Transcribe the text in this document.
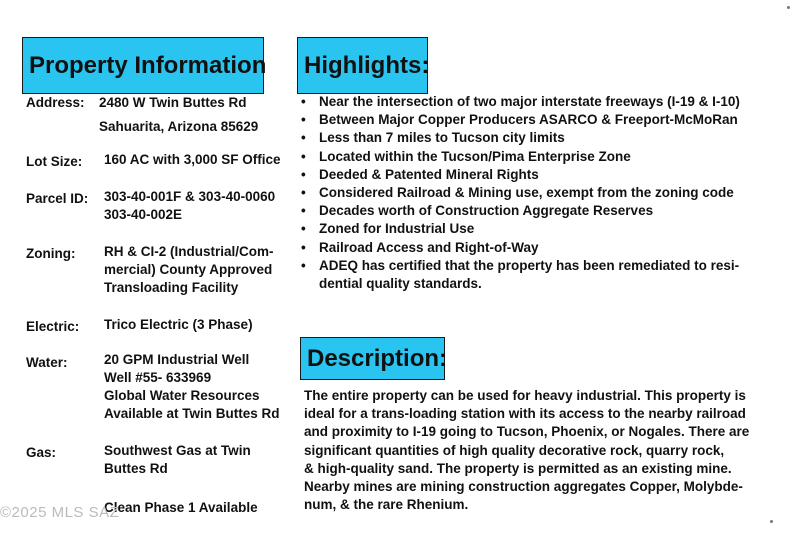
Property Information Highlights:
Description:
Address: 2480 W Twin Buttes Rd
Sahuarita, Arizona 85629
Lot Size: 160 AC with 3,000 SF Office
Parcel ID: 303-40-001F & 303-40-0060
303-40-002E
Zoning: RH & CI-2 (Industrial/Com-
mercial) County Approved
Transloading Facility
Electric: Trico Electric (3 Phase)
Water:	20 GPM Industrial Well
Well #55- 633969
Global Water Resources
Available at Twin Buttes Rd
Gas:	Southwest Gas at Twin
Buttes Rd
Clean Phase 1 Available
• Near the intersection of two major interstate freeways (I-19 & I-10)
• Between Major Copper Producers ASARCO & Freeport-McMoRan
• Less than 7 miles to Tucson city limits
• Located within the Tucson/Pima Enterprise Zone
• Deeded & Patented Mineral Rights
• Considered Railroad & Mining use, exempt from the zoning code
• Decades worth of Construction Aggregate Reserves
• Zoned for Industrial Use
• Railroad Access and Right-of-Way
• ADEQ has certified that the property has been remediated to resi-
dential quality standards.
The entire property can be used for heavy industrial. This property is
ideal for a trans-loading station with its access to the nearby railroad
and proximity to I-19 going to Tucson, Phoenix, or Nogales. There are
significant quantities of high quality decorative rock, quarry rock,
& high-quality sand. The property is permitted as an existing mine.
Nearby mines are mining construction aggregates Copper, Molybde-
num, & the rare Rhenium.
©2025 MLS SAZ
